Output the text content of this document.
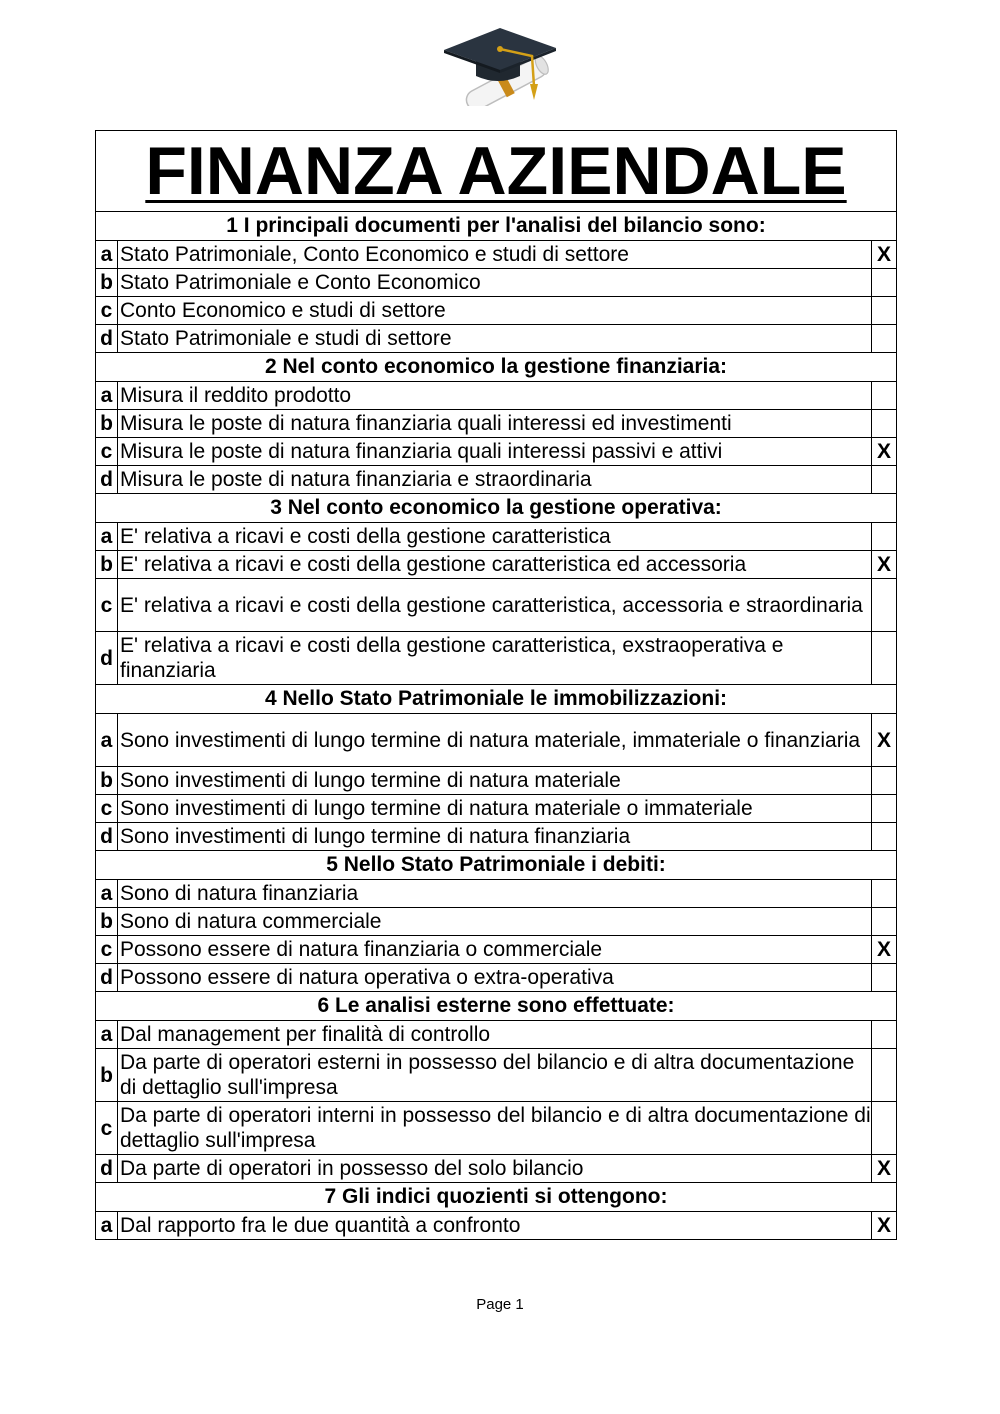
FINANZA AZIENDALE		
1 I principali documenti per l'analisi del bilancio sono:		
a	Stato Patrimoniale, Conto Economico e studi di settore	X
b	Stato Patrimoniale e Conto Economico	
c	Conto Economico e studi di settore	
d	Stato Patrimoniale e studi di settore	
2 Nel conto economico la gestione finanziaria:		
a	Misura il reddito prodotto	
b	Misura le poste di natura finanziaria quali interessi ed investimenti	
c	Misura le poste di natura finanziaria quali interessi passivi e attivi	X
d	Misura le poste di natura finanziaria e straordinaria	
3 Nel conto economico la gestione operativa:		
a	E' relativa a ricavi e costi della gestione caratteristica	
b	E' relativa a ricavi e costi della gestione caratteristica ed accessoria	X
c	E' relativa a ricavi e costi della gestione caratteristica, accessoria e straordinaria	
d	E' relativa a ricavi e costi della gestione caratteristica, exstraoperativa e finanziaria	
4 Nello Stato Patrimoniale le immobilizzazioni:		
a	Sono investimenti di lungo termine di natura materiale, immateriale o finanziaria	X
b	Sono investimenti di lungo termine di natura materiale	
c	Sono investimenti di lungo termine di natura materiale o immateriale	
d	Sono investimenti di lungo termine di natura finanziaria	
5 Nello Stato Patrimoniale i debiti:		
a	Sono di natura finanziaria	
b	Sono di natura commerciale	
c	Possono essere di natura finanziaria o commerciale	X
d	Possono essere di natura operativa o extra-operativa	
6 Le analisi esterne sono effettuate:		
a	Dal management per finalità di controllo	
b	Da parte di operatori esterni in possesso del bilancio e di altra documentazione di dettaglio sull'impresa	
c	Da parte di operatori interni in possesso del bilancio e di altra documentazione di dettaglio sull'impresa	
d	Da parte di operatori in possesso del solo bilancio	X
7 Gli indici quozienti si ottengono:		
a	Dal rapporto fra le due quantità a confronto	X
Page 1
